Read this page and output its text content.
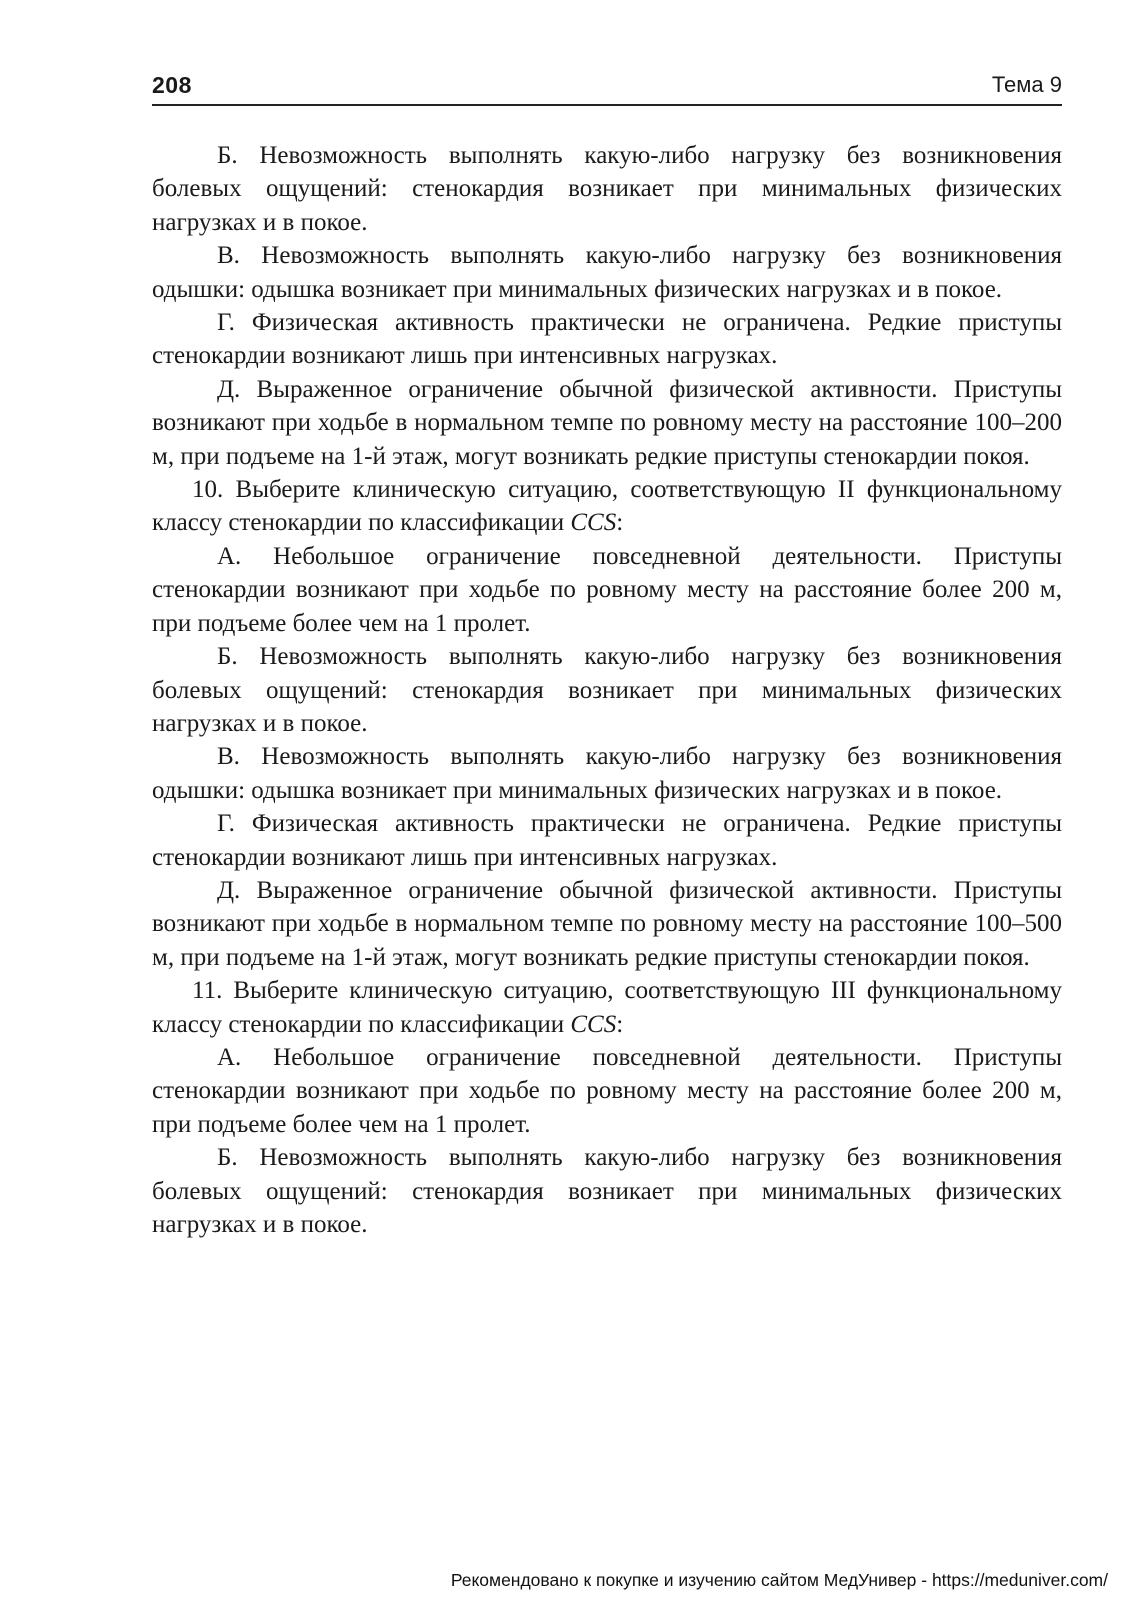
208	Тема 9

Б. Невозможность выполнять какую-либо нагрузку без возникновения болевых ощущений: стенокардия возникает при минимальных физических нагрузках и в покое.

В. Невозможность выполнять какую-либо нагрузку без возникновения одышки: одышка возникает при минимальных физических нагрузках и в покое.

Г. Физическая активность практически не ограничена. Редкие приступы стенокардии возникают лишь при интенсивных нагрузках.

Д. Выраженное ограничение обычной физической активности. Приступы возникают при ходьбе в нормальном темпе по ровному месту на расстояние 100–200 м, при подъеме на 1-й этаж, могут возникать редкие приступы стенокардии покоя.

10. Выберите клиническую ситуацию, соответствующую II функциональному классу стенокардии по классификации CCS:

А. Небольшое ограничение повседневной деятельности. Приступы стенокардии возникают при ходьбе по ровному месту на расстояние более 200 м, при подъеме более чем на 1 пролет.

Б. Невозможность выполнять какую-либо нагрузку без возникновения болевых ощущений: стенокардия возникает при минимальных физических нагрузках и в покое.

В. Невозможность выполнять какую-либо нагрузку без возникновения одышки: одышка возникает при минимальных физических нагрузках и в покое.

Г. Физическая активность практически не ограничена. Редкие приступы стенокардии возникают лишь при интенсивных нагрузках.

Д. Выраженное ограничение обычной физической активности. Приступы возникают при ходьбе в нормальном темпе по ровному месту на расстояние 100–500 м, при подъеме на 1-й этаж, могут возникать редкие приступы стенокардии покоя.

11. Выберите клиническую ситуацию, соответствующую III функциональному классу стенокардии по классификации CCS:

А. Небольшое ограничение повседневной деятельности. Приступы стенокардии возникают при ходьбе по ровному месту на расстояние более 200 м, при подъеме более чем на 1 пролет.

Б. Невозможность выполнять какую-либо нагрузку без возникновения болевых ощущений: стенокардия возникает при минимальных физических нагрузках и в покое.

Рекомендовано к покупке и изучению сайтом МедУнивер - https://meduniver.com/
